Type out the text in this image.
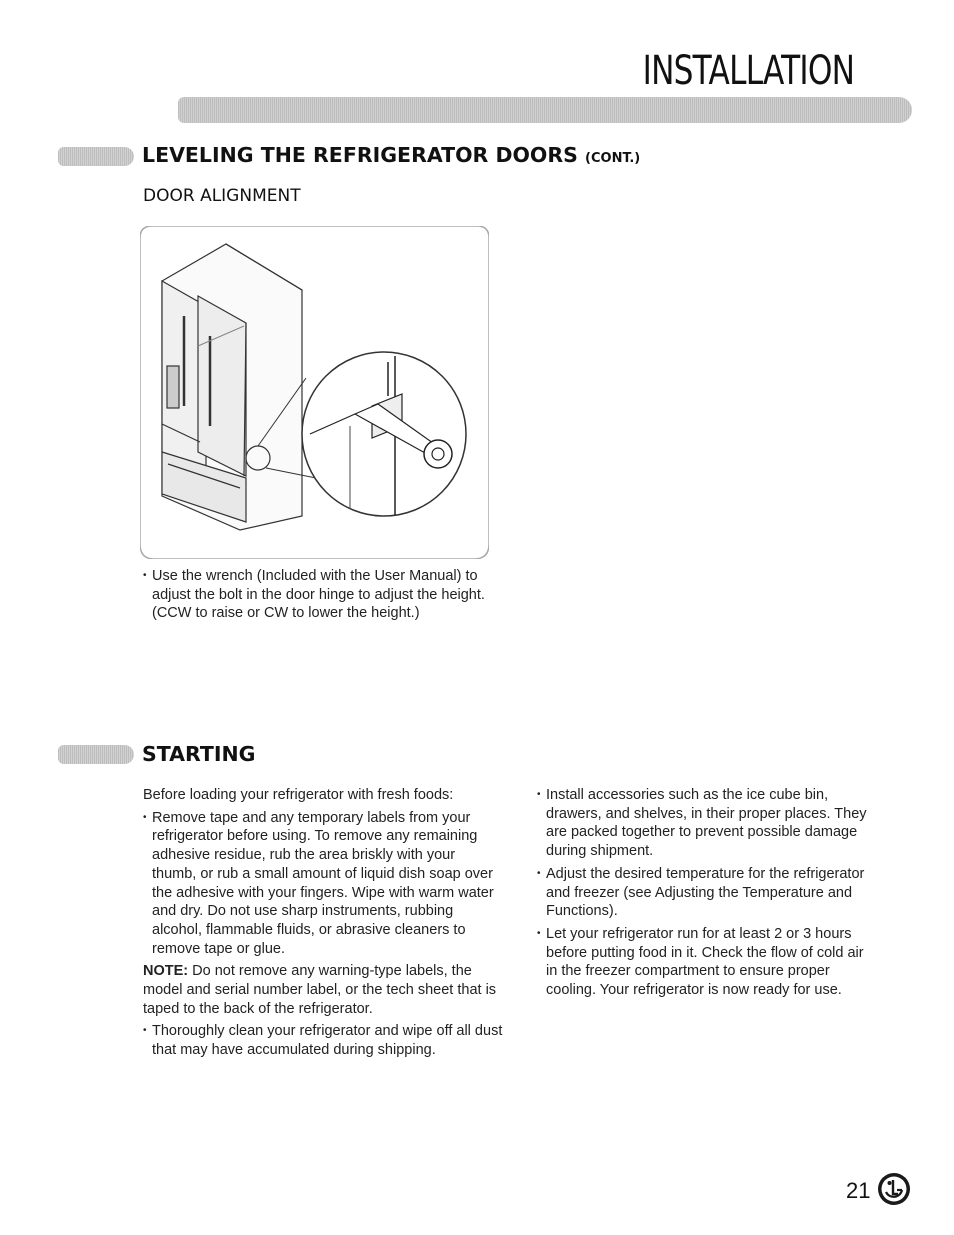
INSTALLATION
LEVELING THE REFRIGERATOR DOORS (CONT.)
DOOR ALIGNMENT
• Use the wrench (Included with the User Manual) to adjust the bolt in the door hinge to adjust the height. (CCW to raise or CW to lower the height.)
STARTING
Before loading your refrigerator with fresh foods:
• Remove tape and any temporary labels from your refrigerator before using. To remove any remaining adhesive residue, rub the area briskly with your thumb, or rub a small amount of liquid dish soap over the adhesive with your fingers. Wipe with warm water and dry. Do not use sharp instruments, rubbing alcohol, flammable fluids, or abrasive cleaners to remove tape or glue.
NOTE: Do not remove any warning-type labels, the model and serial number label, or the tech sheet that is taped to the back of the refrigerator.
• Thoroughly clean your refrigerator and wipe off all dust that may have accumulated during shipping.
• Install accessories such as the ice cube bin, drawers, and shelves, in their proper places. They are packed together to prevent possible damage during shipment.
• Adjust the desired temperature for the refrigerator and freezer (see Adjusting the Temperature and Functions).
• Let your refrigerator run for at least 2 or 3 hours before putting food in it. Check the flow of cold air in the freezer compartment to ensure proper cooling. Your refrigerator is now ready for use.
21
